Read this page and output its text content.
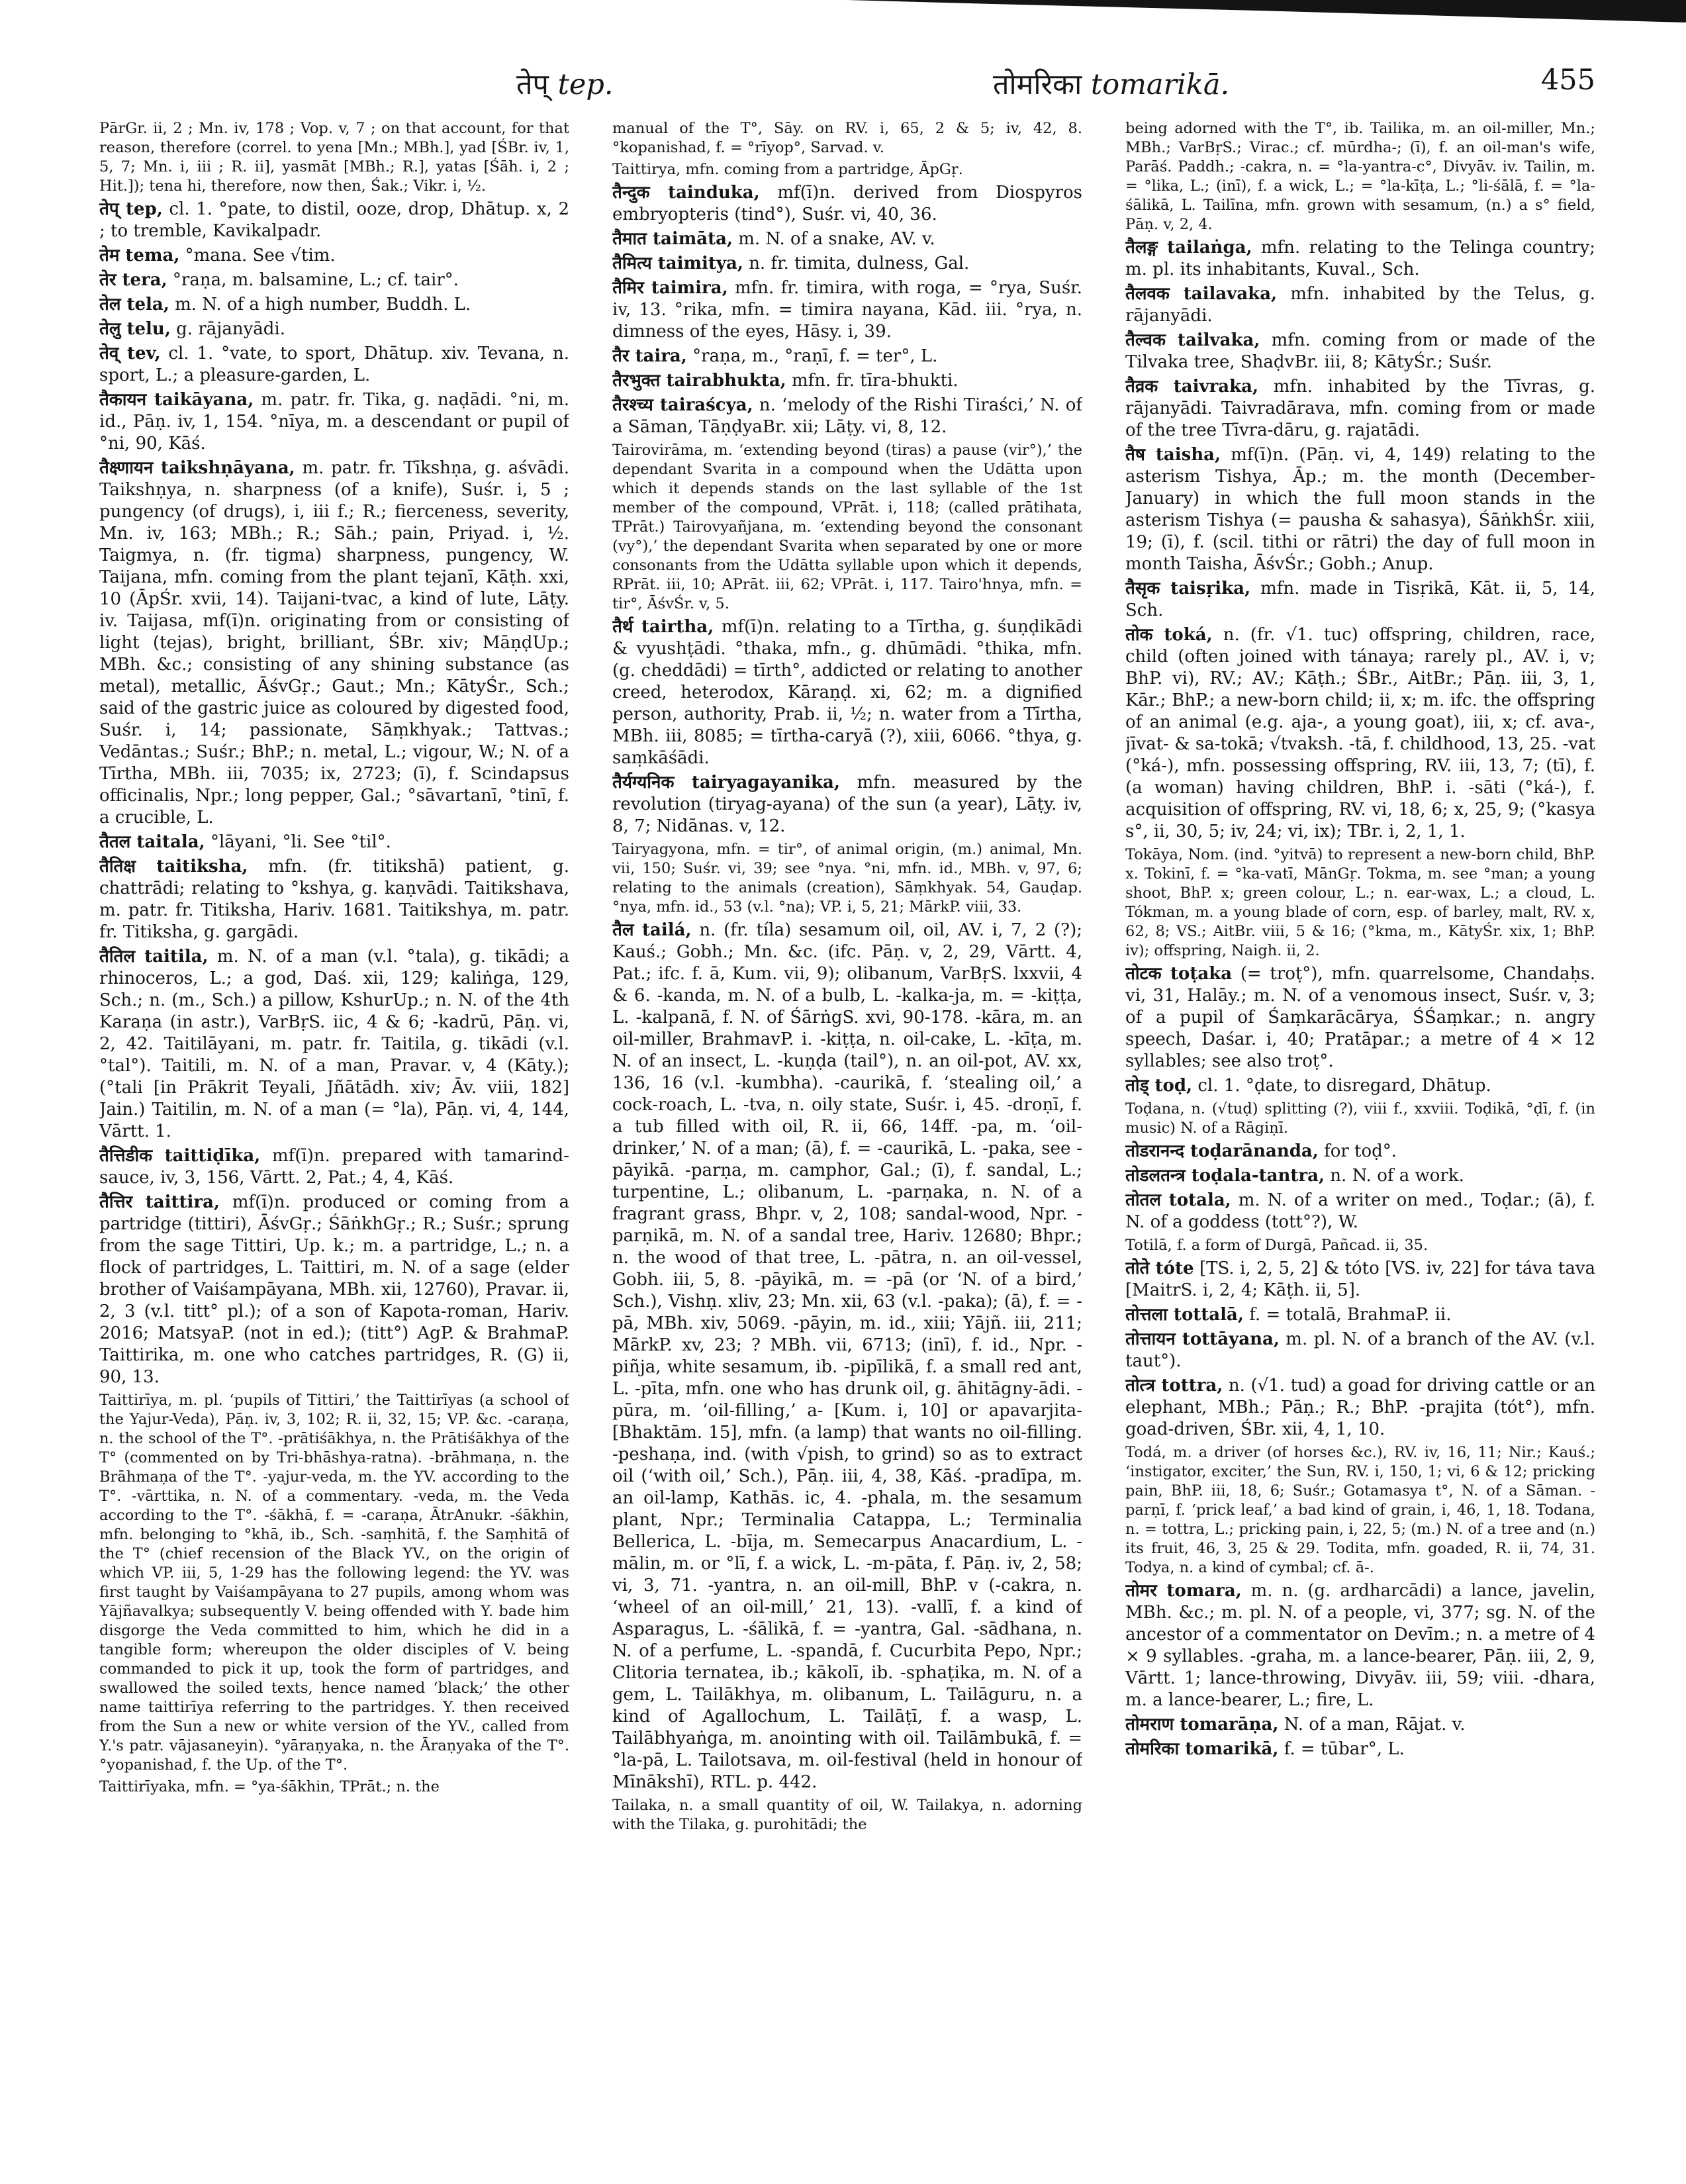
तेप् tep.	तोमरिका tomarikā.	455

PārGr. ii, 2 ; Mn. iv, 178 ; Vop. v, 7 ; on that account, for that reason, therefore (correl. to yena [Mn.; MBh.], yad [ŚBr. iv, 1, 5, 7; Mn. i, iii ; R. ii], yasmāt [MBh.; R.], yatas [Śāh. i, 2 ; Hit.]); tena hi, therefore, now then, Śak.; Vikr. i, ½.

तेप् tep, cl. 1. °pate, to distil, ooze, drop, Dhātup. x, 2 ; to tremble, Kavikalpadr.

तेम tema, °mana. See √tim.

तेर tera, °raṇa, m. balsamine, L.; cf. tair°.

तेल tela, m. N. of a high number, Buddh. L.

तेलु telu, g. rājanyādi.

तेव् tev, cl. 1. °vate, to sport, Dhātup. xiv. Tevana, n. sport, L.; a pleasure-garden, L.

तैकायन taikāyana, m. patr. fr. Tika, g. naḍādi. °ni, m. id., Pāṇ. iv, 1, 154. °nīya, m. a descendant or pupil of °ni, 90, Kāś.

तैक्ष्णायन taikshṇāyana, m. patr. fr. Tīkshṇa, g. aśvādi. Taikshṇya, n. sharpness (of a knife), Suśr. i, 5 ; pungency (of drugs), i, iii f.; R.; fierceness, severity, Mn. iv, 163; MBh.; R.; Sāh.; pain, Priyad. i, ½. Taigmya, n. (fr. tigma) sharpness, pungency, W. Taijana, mfn. coming from the plant tejanī, Kāṭh. xxi, 10 (ĀpŚr. xvii, 14). Taijani-tvac, a kind of lute, Lāṭy. iv. Taijasa, mf(ī)n. originating from or consisting of light (tejas), bright, brilliant, ŚBr. xiv; MāṇḍUp.; MBh. &c.; consisting of any shining substance (as metal), metallic, ĀśvGṛ.; Gaut.; Mn.; KātyŚr., Sch.; said of the gastric juice as coloured by digested food, Suśr. i, 14; passionate, Sāṃkhyak.; Tattvas.; Vedāntas.; Suśr.; BhP.; n. metal, L.; vigour, W.; N. of a Tīrtha, MBh. iii, 7035; ix, 2723; (ī), f. Scindapsus officinalis, Npr.; long pepper, Gal.; °sāvartanī, °tinī, f. a crucible, L.

तैतल taitala, °lāyani, °li. See °til°.

तैतिक्ष taitiksha, mfn. (fr. titikshā) patient, g. chattrādi; relating to °kshya, g. kaṇvādi. Taitikshava, m. patr. fr. Titiksha, Hariv. 1681. Taitikshya, m. patr. fr. Titiksha, g. gargādi.

तैतिल taitila, m. N. of a man (v.l. °tala), g. tikādi; a rhinoceros, L.; a god, Daś. xii, 129; kaliṅga, 129, Sch.; n. (m., Sch.) a pillow, KshurUp.; n. N. of the 4th Karaṇa (in astr.), VarBṛS. iic, 4 & 6; -kadrū, Pāṇ. vi, 2, 42. Taitilāyani, m. patr. fr. Taitila, g. tikādi (v.l. °tal°). Taitili, m. N. of a man, Pravar. v, 4 (Kāty.); (°tali [in Prākrit Teyali, Jñātādh. xiv; Āv. viii, 182] Jain.) Taitilin, m. N. of a man (= °la), Pāṇ. vi, 4, 144, Vārtt. 1.

तैत्तिडीक taittiḍīka, mf(ī)n. prepared with tamarind-sauce, iv, 3, 156, Vārtt. 2, Pat.; 4, 4, Kāś.

तैत्तिर taittira, mf(ī)n. produced or coming from a partridge (tittiri), ĀśvGṛ.; ŚāṅkhGṛ.; R.; Suśr.; sprung from the sage Tittiri, Up. k.; m. a partridge, L.; n. a flock of partridges, L. Taittiri, m. N. of a sage (elder brother of Vaiśampāyana, MBh. xii, 12760), Pravar. ii, 2, 3 (v.l. titt° pl.); of a son of Kapota-roman, Hariv. 2016; MatsyaP. (not in ed.); (titt°) AgP. & BrahmaP. Taittirika, m. one who catches partridges, R. (G) ii, 90, 13.

Taittirīya, m. pl. ‘pupils of Tittiri,’ the Taittirīyas (a school of the Yajur-Veda), Pāṇ. iv, 3, 102; R. ii, 32, 15; VP. &c. -caraṇa, n. the school of the T°. -prātiśākhya, n. the Prātiśākhya of the T° (commented on by Tri-bhāshya-ratna). -brāhmaṇa, n. the Brāhmaṇa of the T°. -yajur-veda, m. the YV. according to the T°. -vārttika, n. N. of a commentary. -veda, m. the Veda according to the T°. -śākhā, f. = -caraṇa, ĀtrAnukr. -śākhin, mfn. belonging to °khā, ib., Sch. -saṃhitā, f. the Saṃhitā of the T° (chief recension of the Black YV., on the origin of which VP. iii, 5, 1-29 has the following legend: the YV. was first taught by Vaiśampāyana to 27 pupils, among whom was Yājñavalkya; subsequently V. being offended with Y. bade him disgorge the Veda committed to him, which he did in a tangible form; whereupon the older disciples of V. being commanded to pick it up, took the form of partridges, and swallowed the soiled texts, hence named ‘black;’ the other name taittirīya referring to the partridges. Y. then received from the Sun a new or white version of the YV., called from Y.'s patr. vājasaneyin). °yāraṇyaka, n. the Āraṇyaka of the T°. °yopanishad, f. the Up. of the T°.

Taittirīyaka, mfn. = °ya-śākhin, TPrāt.; n. the

manual of the T°, Sāy. on RV. i, 65, 2 & 5; iv, 42, 8. °kopanishad, f. = °rīyop°, Sarvad. v.

Taittirya, mfn. coming from a partridge, ĀpGṛ.

तैन्दुक tainduka, mf(ī)n. derived from Diospyros embryopteris (tind°), Suśr. vi, 40, 36.

तैमात taimāta, m. N. of a snake, AV. v.

तैमित्य taimitya, n. fr. timita, dulness, Gal.

तैमिर taimira, mfn. fr. timira, with roga, = °rya, Suśr. iv, 13. °rika, mfn. = timira nayana, Kād. iii. °rya, n. dimness of the eyes, Hāsy. i, 39.

तैर taira, °raṇa, m., °raṇī, f. = ter°, L.

तैरभुक्त tairabhukta, mfn. fr. tīra-bhukti.

तैरश्च्य tairaścya, n. ‘melody of the Rishi Tiraści,’ N. of a Sāman, TāṇḍyaBr. xii; Lāṭy. vi, 8, 12.

Tairovirāma, m. ‘extending beyond (tiras) a pause (vir°),’ the dependant Svarita in a compound when the Udātta upon which it depends stands on the last syllable of the 1st member of the compound, VPrāt. i, 118; (called prātihata, TPrāt.) Tairovyañjana, m. ‘extending beyond the consonant (vy°),’ the dependant Svarita when separated by one or more consonants from the Udātta syllable upon which it depends, RPrāt. iii, 10; APrāt. iii, 62; VPrāt. i, 117. Tairo'hnya, mfn. = tir°, ĀśvŚr. v, 5.

तैर्थ tairtha, mf(ī)n. relating to a Tīrtha, g. śuṇḍikādi & vyushṭādi. °thaka, mfn., g. dhūmādi. °thika, mfn. (g. cheddādi) = tīrth°, addicted or relating to another creed, heterodox, Kāraṇḍ. xi, 62; m. a dignified person, authority, Prab. ii, ½; n. water from a Tīrtha, MBh. iii, 8085; = tīrtha-caryā (?), xiii, 6066. °thya, g. saṃkāśādi.

तैर्यग्यनिक tairyagayanika, mfn. measured by the revolution (tiryag-ayana) of the sun (a year), Lāṭy. iv, 8, 7; Nidānas. v, 12.

Tairyagyona, mfn. = tir°, of animal origin, (m.) animal, Mn. vii, 150; Suśr. vi, 39; see °nya. °ni, mfn. id., MBh. v, 97, 6; relating to the animals (creation), Sāṃkhyak. 54, Gauḍap. °nya, mfn. id., 53 (v.l. °na); VP. i, 5, 21; MārkP. viii, 33.

तैल tailá, n. (fr. tíla) sesamum oil, oil, AV. i, 7, 2 (?); Kauś.; Gobh.; Mn. &c. (ifc. Pāṇ. v, 2, 29, Vārtt. 4, Pat.; ifc. f. ā, Kum. vii, 9); olibanum, VarBṛS. lxxvii, 4 & 6. -kanda, m. N. of a bulb, L. -kalka-ja, m. = -kiṭṭa, L. -kalpanā, f. N. of ŚārṅgS. xvi, 90-178. -kāra, m. an oil-miller, BrahmavP. i. -kiṭṭa, n. oil-cake, L. -kīṭa, m. N. of an insect, L. -kuṇḍa (tail°), n. an oil-pot, AV. xx, 136, 16 (v.l. -kumbha). -caurikā, f. ‘stealing oil,’ a cock-roach, L. -tva, n. oily state, Suśr. i, 45. -droṇī, f. a tub filled with oil, R. ii, 66, 14ff. -pa, m. ‘oil-drinker,’ N. of a man; (ā), f. = -caurikā, L. -paka, see -pāyikā. -parṇa, m. camphor, Gal.; (ī), f. sandal, L.; turpentine, L.; olibanum, L. -parṇaka, n. N. of a fragrant grass, Bhpr. v, 2, 108; sandal-wood, Npr. -parṇikā, m. N. of a sandal tree, Hariv. 12680; Bhpr.; n. the wood of that tree, L. -pātra, n. an oil-vessel, Gobh. iii, 5, 8. -pāyikā, m. = -pā (or ‘N. of a bird,’ Sch.), Vishṇ. xliv, 23; Mn. xii, 63 (v.l. -paka); (ā), f. = -pā, MBh. xiv, 5069. -pāyin, m. id., xiii; Yājñ. iii, 211; MārkP. xv, 23; ? MBh. vii, 6713; (inī), f. id., Npr. -piñja, white sesamum, ib. -pipīlikā, f. a small red ant, L. -pīta, mfn. one who has drunk oil, g. āhitāgny-ādi. -pūra, m. ‘oil-filling,’ a- [Kum. i, 10] or apavarjita- [Bhaktām. 15], mfn. (a lamp) that wants no oil-filling. -peshaṇa, ind. (with √pish, to grind) so as to extract oil (‘with oil,’ Sch.), Pāṇ. iii, 4, 38, Kāś. -pradīpa, m. an oil-lamp, Kathās. ic, 4. -phala, m. the sesamum plant, Npr.; Terminalia Catappa, L.; Terminalia Bellerica, L. -bīja, m. Semecarpus Anacardium, L. -mālin, m. or °lī, f. a wick, L. -m-pāta, f. Pāṇ. iv, 2, 58; vi, 3, 71. -yantra, n. an oil-mill, BhP. v (-cakra, n. ‘wheel of an oil-mill,’ 21, 13). -vallī, f. a kind of Asparagus, L. -śālikā, f. = -yantra, Gal. -sādhana, n. N. of a perfume, L. -spandā, f. Cucurbita Pepo, Npr.; Clitoria ternatea, ib.; kākolī, ib. -sphaṭika, m. N. of a gem, L. Tailākhya, m. olibanum, L. Tailāguru, n. a kind of Agallochum, L. Tailāṭī, f. a wasp, L. Tailābhyaṅga, m. anointing with oil. Tailāmbukā, f. = °la-pā, L. Tailotsava, m. oil-festival (held in honour of Mīnākshī), RTL. p. 442.

Tailaka, n. a small quantity of oil, W. Tailakya, n. adorning with the Tilaka, g. purohitādi; the

being adorned with the T°, ib. Tailika, m. an oil-miller, Mn.; MBh.; VarBṛS.; Virac.; cf. mūrdha-; (ī), f. an oil-man's wife, Parāś. Paddh.; -cakra, n. = °la-yantra-c°, Divyāv. iv. Tailin, m. = °lika, L.; (inī), f. a wick, L.; = °la-kīṭa, L.; °li-śālā, f. = °la-śālikā, L. Tailīna, mfn. grown with sesamum, (n.) a s° field, Pāṇ. v, 2, 4.

तैलङ्ग tailaṅga, mfn. relating to the Telinga country; m. pl. its inhabitants, Kuval., Sch.

तैलवक tailavaka, mfn. inhabited by the Telus, g. rājanyādi.

तैल्वक tailvaka, mfn. coming from or made of the Tilvaka tree, ShaḍvBr. iii, 8; KātyŚr.; Suśr.

तैव्रक taivraka, mfn. inhabited by the Tīvras, g. rājanyādi. Taivradārava, mfn. coming from or made of the tree Tīvra-dāru, g. rajatādi.

तैष taisha, mf(ī)n. (Pāṇ. vi, 4, 149) relating to the asterism Tishya, Āp.; m. the month (December-January) in which the full moon stands in the asterism Tishya (= pausha & sahasya), ŚāṅkhŚr. xiii, 19; (ī), f. (scil. tithi or rātri) the day of full moon in month Taisha, ĀśvŚr.; Gobh.; Anup.

तैसृक taisṛika, mfn. made in Tisṛikā, Kāt. ii, 5, 14, Sch.

तोक toká, n. (fr. √1. tuc) offspring, children, race, child (often joined with tánaya; rarely pl., AV. i, v; BhP. vi), RV.; AV.; Kāṭh.; ŚBr., AitBr.; Pāṇ. iii, 3, 1, Kār.; BhP.; a new-born child; ii, x; m. ifc. the offspring of an animal (e.g. aja-, a young goat), iii, x; cf. ava-, jīvat- & sa-tokā; √tvaksh. -tā, f. childhood, 13, 25. -vat (°ká-), mfn. possessing offspring, RV. iii, 13, 7; (tī), f. (a woman) having children, BhP. i. -sāti (°ká-), f. acquisition of offspring, RV. vi, 18, 6; x, 25, 9; (°kasya s°, ii, 30, 5; iv, 24; vi, ix); TBr. i, 2, 1, 1.

Tokāya, Nom. (ind. °yitvā) to represent a new-born child, BhP. x. Tokinī, f. = °ka-vatī, MānGṛ. Tokma, m. see °man; a young shoot, BhP. x; green colour, L.; n. ear-wax, L.; a cloud, L. Tókman, m. a young blade of corn, esp. of barley, malt, RV. x, 62, 8; VS.; AitBr. viii, 5 & 16; (°kma, m., KātyŚr. xix, 1; BhP. iv); offspring, Naigh. ii, 2.

तोटक toṭaka (= troṭ°), mfn. quarrelsome, Chandaḥs. vi, 31, Halāy.; m. N. of a venomous insect, Suśr. v, 3; of a pupil of Śaṃkarācārya, ŚŚaṃkar.; n. angry speech, Daśar. i, 40; Pratāpar.; a metre of 4 × 12 syllables; see also troṭ°.

तोड् toḍ, cl. 1. °ḍate, to disregard, Dhātup.

Toḍana, n. (√tuḍ) splitting (?), viii f., xxviii. Toḍikā, °ḍī, f. (in music) N. of a Rāgiṇī.

तोडरानन्द toḍarānanda, for toḍ°.

तोडलतन्त्र toḍala-tantra, n. N. of a work.

तोतल totala, m. N. of a writer on med., Toḍar.; (ā), f. N. of a goddess (tott°?), W.

Totilā, f. a form of Durgā, Pañcad. ii, 35.

तोते tóte [TS. i, 2, 5, 2] & tóto [VS. iv, 22] for táva tava [MaitrS. i, 2, 4; Kāṭh. ii, 5].

तोत्तला tottalā, f. = totalā, BrahmaP. ii.

तोत्तायन tottāyana, m. pl. N. of a branch of the AV. (v.l. taut°).

तोत्त्र tottra, n. (√1. tud) a goad for driving cattle or an elephant, MBh.; Pāṇ.; R.; BhP. -prajita (tót°), mfn. goad-driven, ŚBr. xii, 4, 1, 10.

Todá, m. a driver (of horses &c.), RV. iv, 16, 11; Nir.; Kauś.; ‘instigator, exciter,’ the Sun, RV. i, 150, 1; vi, 6 & 12; pricking pain, BhP. iii, 18, 6; Suśr.; Gotamasya t°, N. of a Sāman. -parṇī, f. ‘prick leaf,’ a bad kind of grain, i, 46, 1, 18. Todana, n. = tottra, L.; pricking pain, i, 22, 5; (m.) N. of a tree and (n.) its fruit, 46, 3, 25 & 29. Todita, mfn. goaded, R. ii, 74, 31. Todya, n. a kind of cymbal; cf. ā-.

तोमर tomara, m. n. (g. ardharcādi) a lance, javelin, MBh. &c.; m. pl. N. of a people, vi, 377; sg. N. of the ancestor of a commentator on Devīm.; n. a metre of 4 × 9 syllables. -graha, m. a lance-bearer, Pāṇ. iii, 2, 9, Vārtt. 1; lance-throwing, Divyāv. iii, 59; viii. -dhara, m. a lance-bearer, L.; fire, L.

तोमराण tomarāṇa, N. of a man, Rājat. v.

तोमरिका tomarikā, f. = tūbar°, L.
